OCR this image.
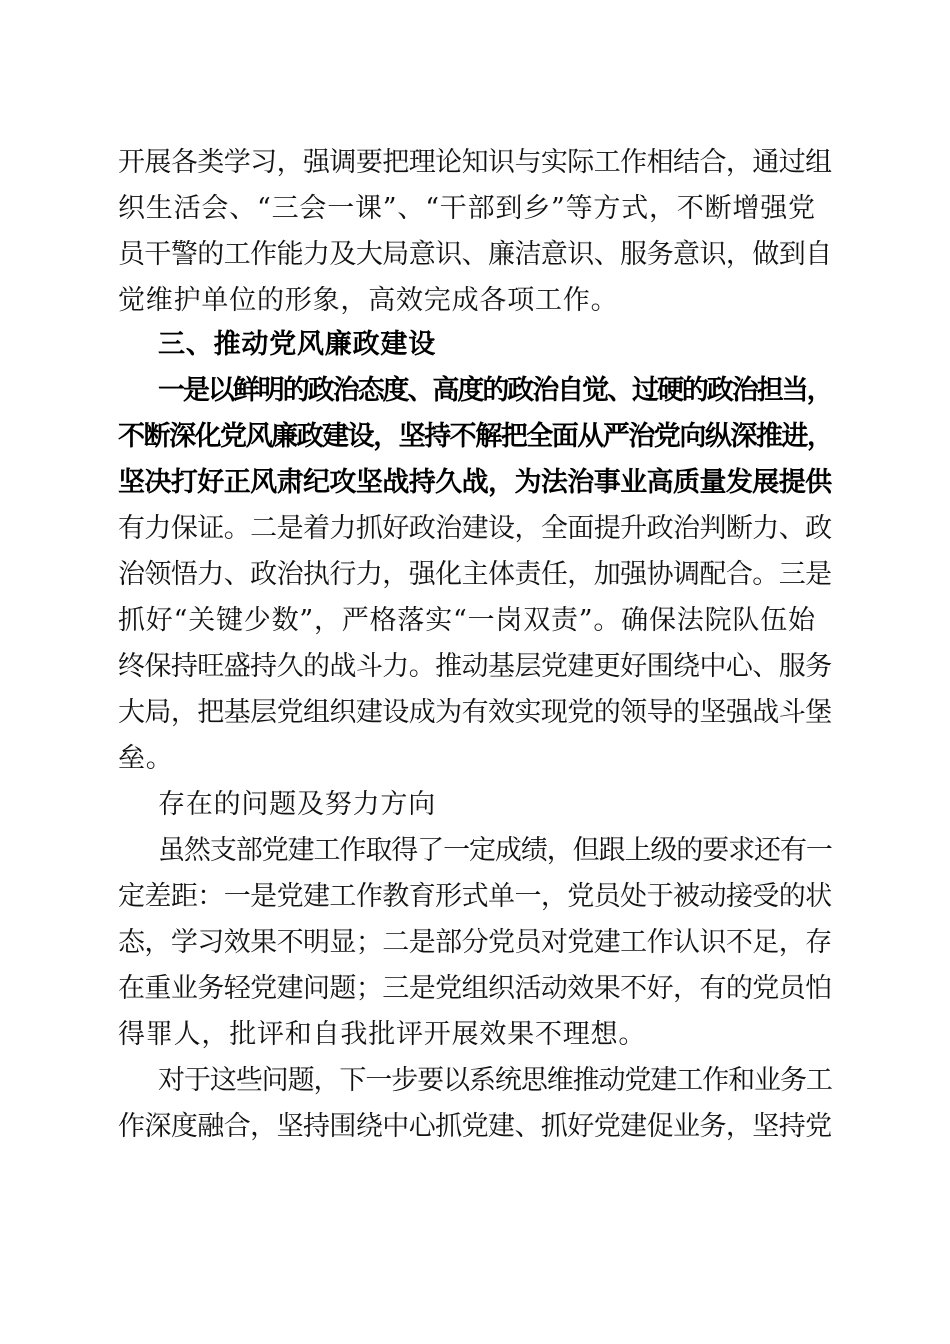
开展各类学习，强调要把理论知识与实际工作相结合，通过组
织生活会、“三会一课”、“干部到乡”等方式，不断增强党
员干警的工作能力及大局意识、廉洁意识、服务意识，做到自
觉维护单位的形象，高效完成各项工作。
三、推动党风廉政建设
一是以鲜明的政治态度、高度的政治自觉、过硬的政治担当，
不断深化党风廉政建设，坚持不解把全面从严治党向纵深推进，
坚决打好正风肃纪攻坚战持久战，为法治事业高质量发展提供
有力保证。二是着力抓好政治建设，全面提升政治判断力、政
治领悟力、政治执行力，强化主体责任，加强协调配合。三是
抓好“关键少数”，严格落实“一岗双责”。确保法院队伍始
终保持旺盛持久的战斗力。推动基层党建更好围绕中心、服务
大局，把基层党组织建设成为有效实现党的领导的坚强战斗堡
垒。
存在的问题及努力方向
虽然支部党建工作取得了一定成绩，但跟上级的要求还有一
定差距：一是党建工作教育形式单一，党员处于被动接受的状
态，学习效果不明显；二是部分党员对党建工作认识不足，存
在重业务轻党建问题；三是党组织活动效果不好，有的党员怕
得罪人，批评和自我批评开展效果不理想。
对于这些问题，下一步要以系统思维推动党建工作和业务工
作深度融合，坚持围绕中心抓党建、抓好党建促业务，坚持党
